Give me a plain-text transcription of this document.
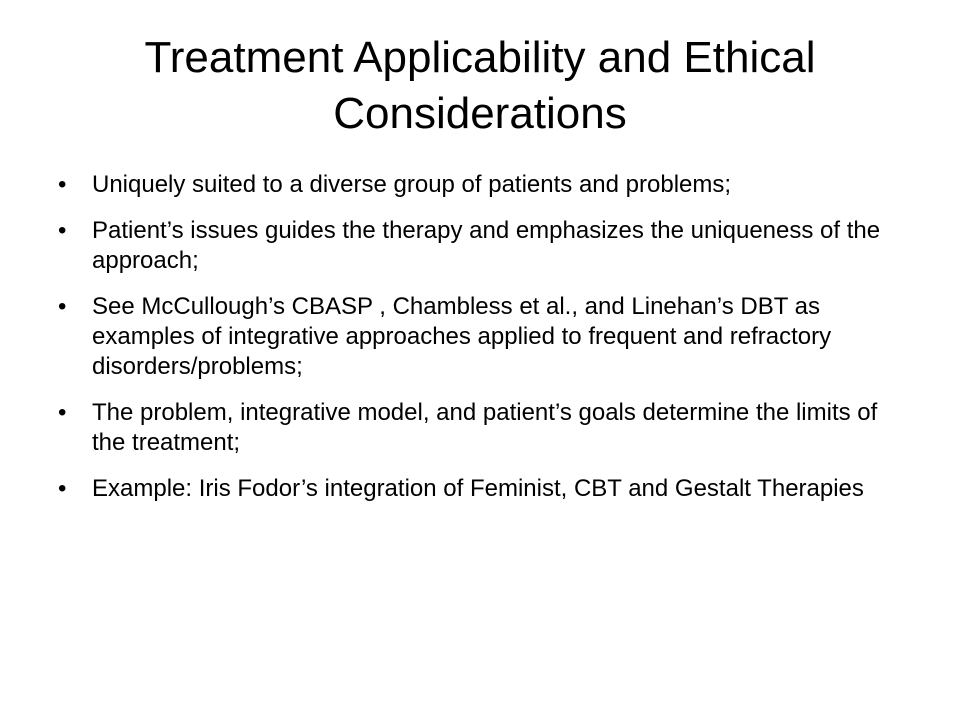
Treatment Applicability and Ethical
Considerations
• Uniquely suited to a diverse group of patients and problems;
• Patient’s issues guides the therapy and emphasizes the uniqueness of the approach;
• See McCullough’s CBASP , Chambless et al., and Linehan’s DBT as examples of integrative approaches applied to frequent and refractory disorders/problems;
• The problem, integrative model, and patient’s goals determine the limits of the treatment;
• Example: Iris Fodor’s integration of Feminist, CBT and Gestalt Therapies
